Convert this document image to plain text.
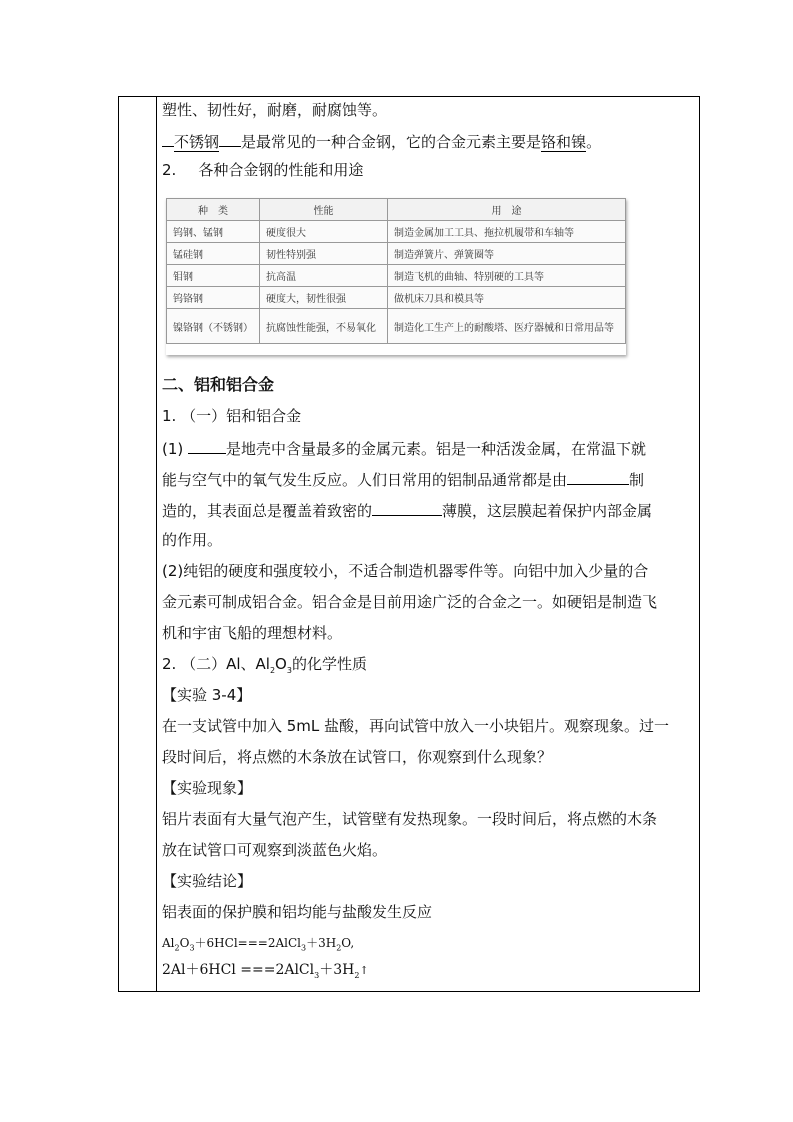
塑性、韧性好，耐磨，耐腐蚀等。
不锈钢 是最常见的一种合金钢，它的合金元素主要是铬和镍。
2. 各种合金钢的性能和用途
种　类	性能	用　途
钨钢、锰钢	硬度很大	制造金属加工工具、拖拉机履带和车轴等
锰硅钢	韧性特别强	制造弹簧片、弹簧圈等
钼钢	抗高温	制造飞机的曲轴、特别硬的工具等
钨铬钢	硬度大，韧性很强	做机床刀具和模具等
镍铬钢（不锈钢）	抗腐蚀性能强，不易氧化	制造化工生产上的耐酸塔、医疗器械和日常用品等
二、铝和铝合金
1. （一）铝和铝合金
(1)	是地壳中含量最多的金属元素。铝是一种活泼金属，在常温下就
能与空气中的氧气发生反应。人们日常用的铝制品通常都是由	制
造的，其表面总是覆盖着致密的	薄膜，这层膜起着保护内部金属
的作用。
(2)纯铝的硬度和强度较小，不适合制造机器零件等。向铝中加入少量的合
金元素可制成铝合金。铝合金是目前用途广泛的合金之一。如硬铝是制造飞
机和宇宙飞船的理想材料。
2. （二）Al、$Al_2O_3$的化学性质
【实验 3-4】
在一支试管中加入 5mL 盐酸，再向试管中放入一小块铝片。观察现象。过一
段时间后，将点燃的木条放在试管口，你观察到什么现象？
【实验现象】
铝片表面有大量气泡产生，试管壁有发热现象。一段时间后，将点燃的木条
放在试管口可观察到淡蓝色火焰。
【实验结论】
铝表面的保护膜和铝均能与盐酸发生反应
$Al_2O_3+6HCl===2AlCl_3+3H_2O$,
$2Al+6HCl ===2AlCl_3+3H_2↑$
